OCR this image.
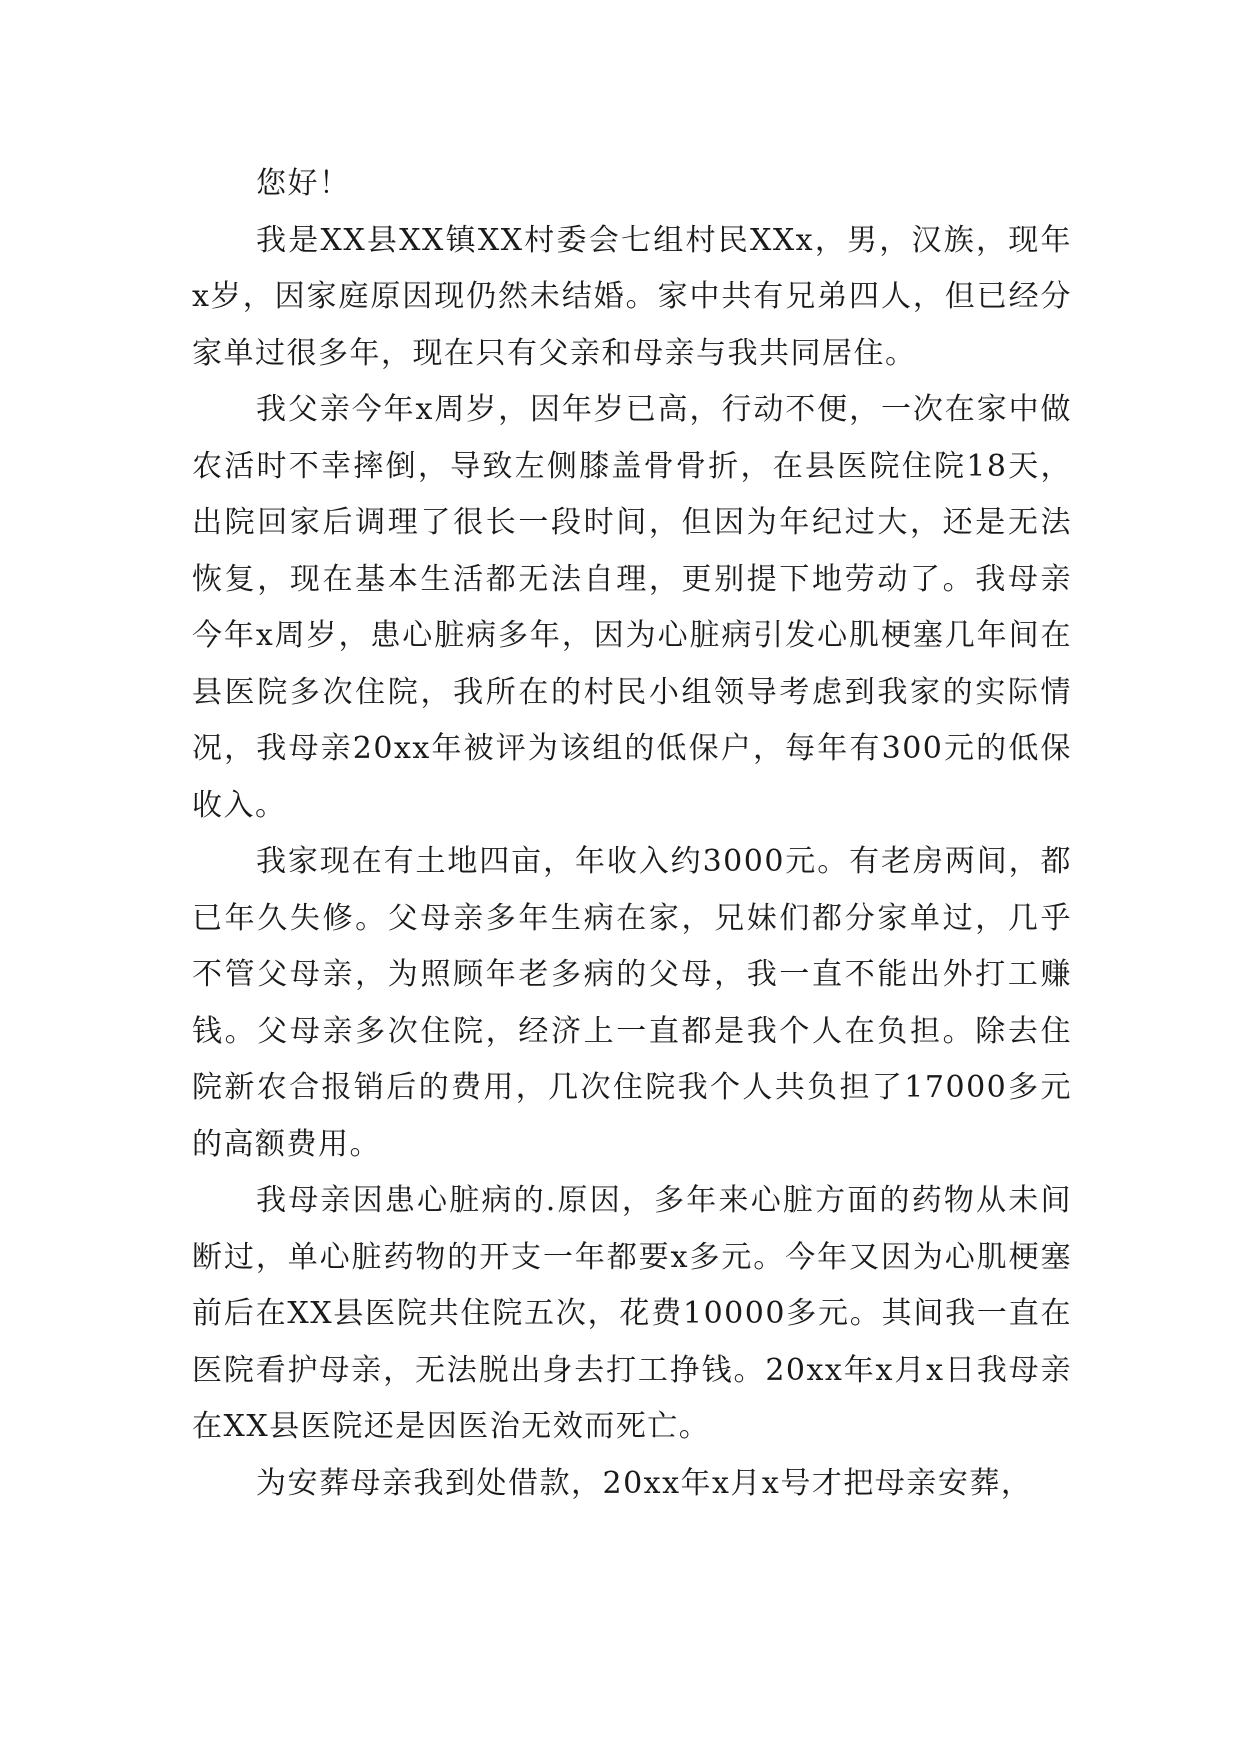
您好！

我是XX县XX镇XX村委会七组村民XXx，男，汉族，现年x岁，因家庭原因现仍然未结婚。家中共有兄弟四人，但已经分家单过很多年，现在只有父亲和母亲与我共同居住。

我父亲今年x周岁，因年岁已高，行动不便，一次在家中做农活时不幸摔倒，导致左侧膝盖骨骨折，在县医院住院18天，出院回家后调理了很长一段时间，但因为年纪过大，还是无法恢复，现在基本生活都无法自理，更别提下地劳动了。我母亲今年x周岁，患心脏病多年，因为心脏病引发心肌梗塞几年间在县医院多次住院，我所在的村民小组领导考虑到我家的实际情况，我母亲20xx年被评为该组的低保户，每年有300元的低保收入。

我家现在有土地四亩，年收入约3000元。有老房两间，都已年久失修。父母亲多年生病在家，兄妹们都分家单过，几乎不管父母亲，为照顾年老多病的父母，我一直不能出外打工赚钱。父母亲多次住院，经济上一直都是我个人在负担。除去住院新农合报销后的费用，几次住院我个人共负担了17000多元的高额费用。

我母亲因患心脏病的.原因，多年来心脏方面的药物从未间断过，单心脏药物的开支一年都要x多元。今年又因为心肌梗塞前后在XX县医院共住院五次，花费10000多元。其间我一直在医院看护母亲，无法脱出身去打工挣钱。20xx年x月x日我母亲在XX县医院还是因医治无效而死亡。

为安葬母亲我到处借款，20xx年x月x号才把母亲安葬，
